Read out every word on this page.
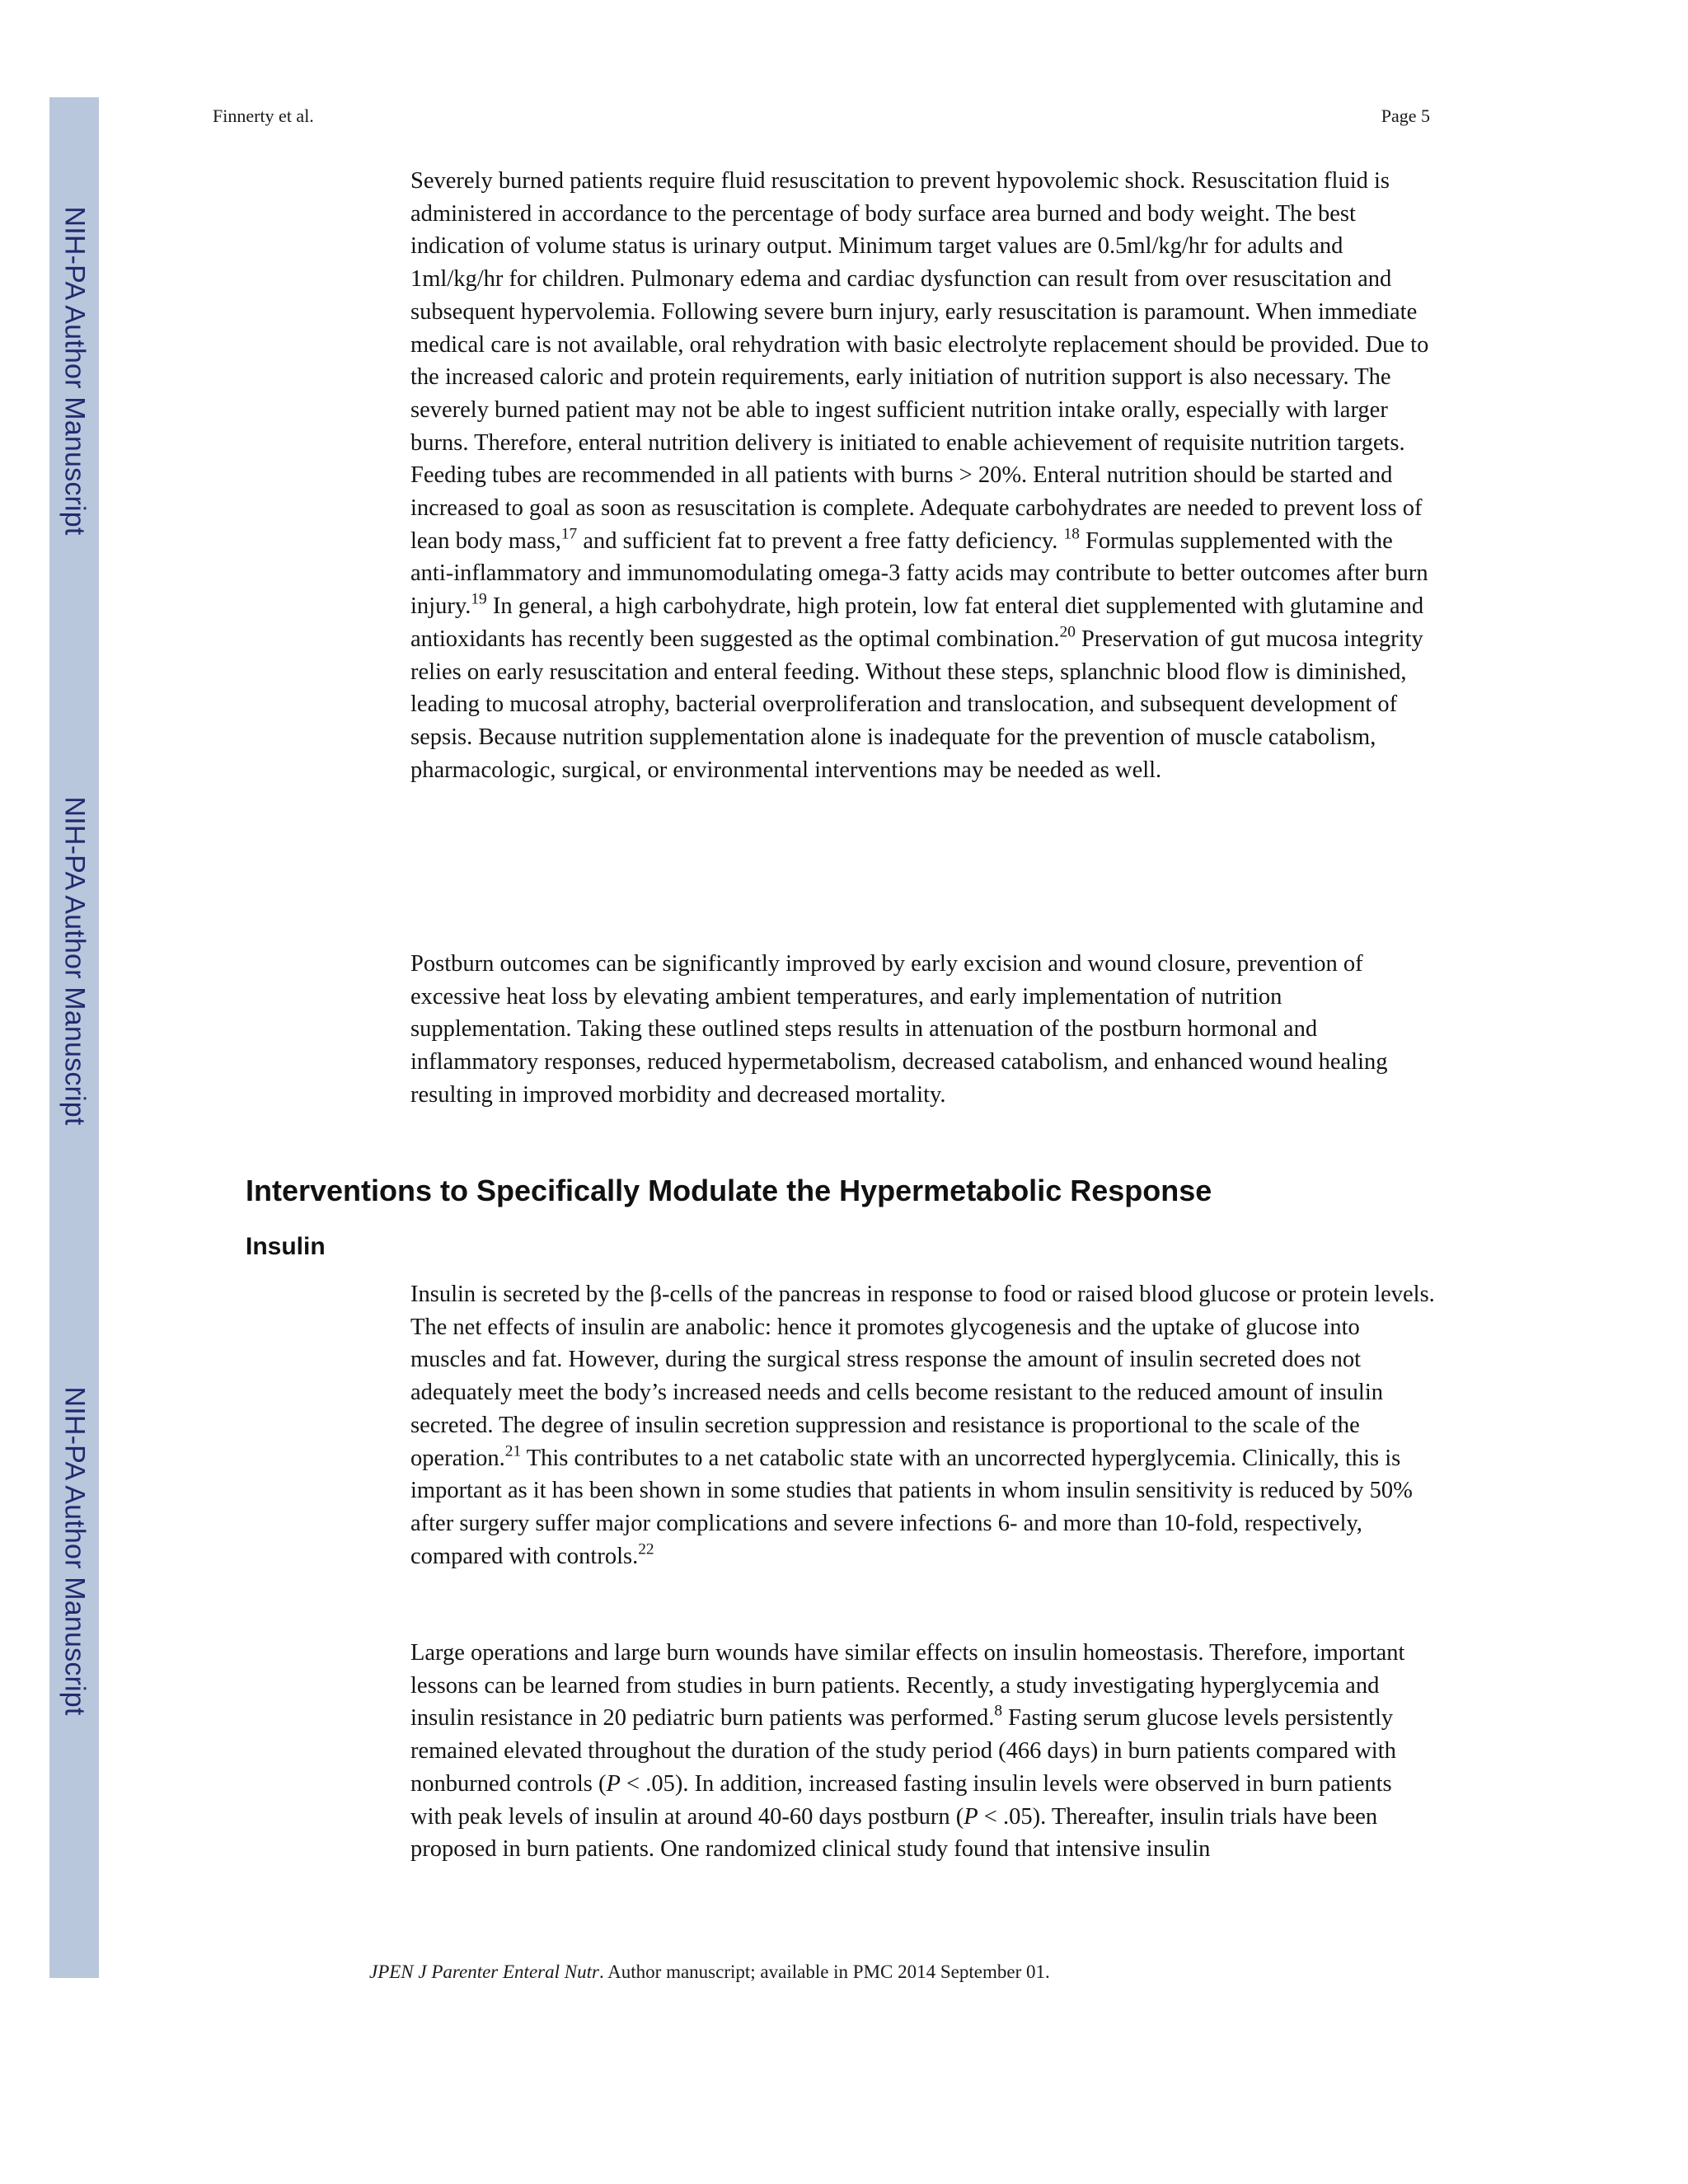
NIH-PA Author Manuscript
NIH-PA Author Manuscript
NIH-PA Author Manuscript
Finnerty et al.	Page 5

Severely burned patients require fluid resuscitation to prevent hypovolemic shock. Resuscitation fluid is administered in accordance to the percentage of body surface area burned and body weight. The best indication of volume status is urinary output. Minimum target values are 0.5ml/kg/hr for adults and 1ml/kg/hr for children. Pulmonary edema and cardiac dysfunction can result from over resuscitation and subsequent hypervolemia. Following severe burn injury, early resuscitation is paramount. When immediate medical care is not available, oral rehydration with basic electrolyte replacement should be provided. Due to the increased caloric and protein requirements, early initiation of nutrition support is also necessary. The severely burned patient may not be able to ingest sufficient nutrition intake orally, especially with larger burns. Therefore, enteral nutrition delivery is initiated to enable achievement of requisite nutrition targets. Feeding tubes are recommended in all patients with burns > 20%. Enteral nutrition should be started and increased to goal as soon as resuscitation is complete. Adequate carbohydrates are needed to prevent loss of lean body mass,$^{17}$ and sufficient fat to prevent a free fatty deficiency. $^{18}$ Formulas supplemented with the anti-inflammatory and immunomodulating omega-3 fatty acids may contribute to better outcomes after burn injury.$^{19}$ In general, a high carbohydrate, high protein, low fat enteral diet supplemented with glutamine and antioxidants has recently been suggested as the optimal combination.$^{20}$ Preservation of gut mucosa integrity relies on early resuscitation and enteral feeding. Without these steps, splanchnic blood flow is diminished, leading to mucosal atrophy, bacterial overproliferation and translocation, and subsequent development of sepsis. Because nutrition supplementation alone is inadequate for the prevention of muscle catabolism, pharmacologic, surgical, or environmental interventions may be needed as well.

Postburn outcomes can be significantly improved by early excision and wound closure, prevention of excessive heat loss by elevating ambient temperatures, and early implementation of nutrition supplementation. Taking these outlined steps results in attenuation of the postburn hormonal and inflammatory responses, reduced hypermetabolism, decreased catabolism, and enhanced wound healing resulting in improved morbidity and decreased mortality.

Interventions to Specifically Modulate the Hypermetabolic Response
Insulin

Insulin is secreted by the β-cells of the pancreas in response to food or raised blood glucose or protein levels. The net effects of insulin are anabolic: hence it promotes glycogenesis and the uptake of glucose into muscles and fat. However, during the surgical stress response the amount of insulin secreted does not adequately meet the body’s increased needs and cells become resistant to the reduced amount of insulin secreted. The degree of insulin secretion suppression and resistance is proportional to the scale of the operation.$^{21}$ This contributes to a net catabolic state with an uncorrected hyperglycemia. Clinically, this is important as it has been shown in some studies that patients in whom insulin sensitivity is reduced by 50% after surgery suffer major complications and severe infections 6- and more than 10-fold, respectively, compared with controls.$^{22}$

Large operations and large burn wounds have similar effects on insulin homeostasis. Therefore, important lessons can be learned from studies in burn patients. Recently, a study investigating hyperglycemia and insulin resistance in 20 pediatric burn patients was performed.$^8$ Fasting serum glucose levels persistently remained elevated throughout the duration of the study period (466 days) in burn patients compared with nonburned controls (P < .05). In addition, increased fasting insulin levels were observed in burn patients with peak levels of insulin at around 40-60 days postburn (P < .05). Thereafter, insulin trials have been proposed in burn patients. One randomized clinical study found that intensive insulin

JPEN J Parenter Enteral Nutr. Author manuscript; available in PMC 2014 September 01.
